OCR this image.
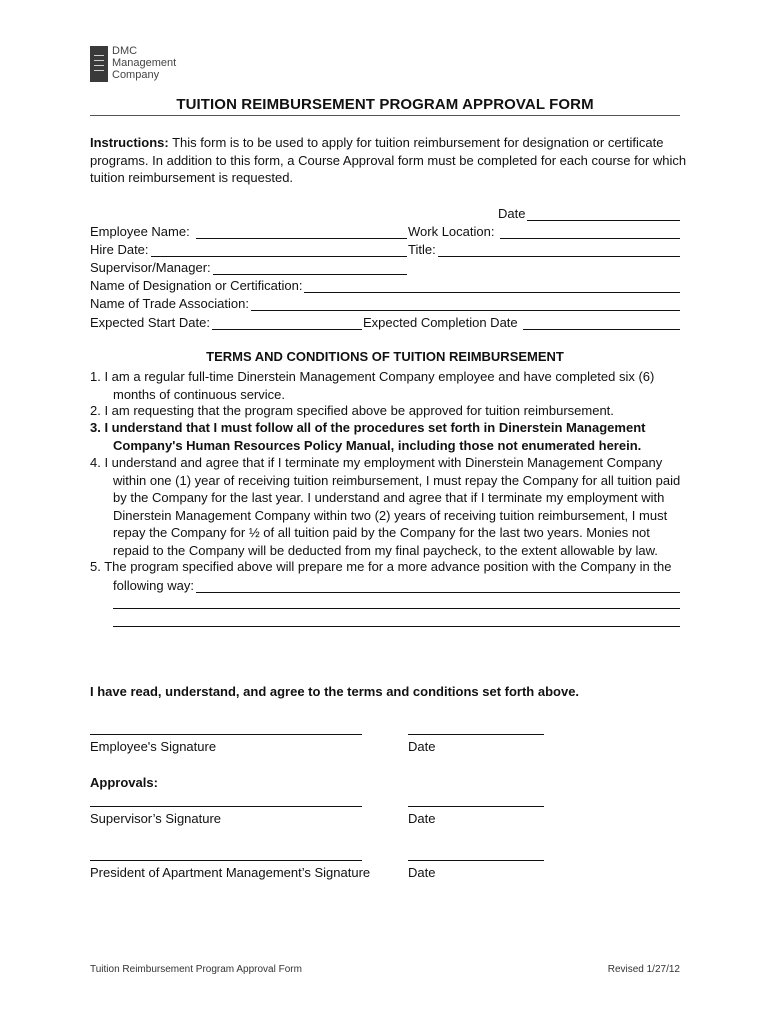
DMC
Management
Company
TUITION REIMBURSEMENT PROGRAM APPROVAL FORM
Instructions: This form is to be used to apply for tuition reimbursement for designation or certificate
programs. In addition to this form, a Course Approval form must be completed for each course for which
tuition reimbursement is requested.
Date
Employee Name:	Work Location:
Hire Date:	Title:
Supervisor/Manager:
Name of Designation or Certification:
Name of Trade Association:
Expected Start Date:	Expected Completion Date
TERMS AND CONDITIONS OF TUITION REIMBURSEMENT
1. I am a regular full-time Dinerstein Management Company employee and have completed six (6)
months of continuous service.
2. I am requesting that the program specified above be approved for tuition reimbursement.
3. I understand that I must follow all of the procedures set forth in Dinerstein Management
Company's Human Resources Policy Manual, including those not enumerated herein.
4. I understand and agree that if I terminate my employment with Dinerstein Management Company
within one (1) year of receiving tuition reimbursement, I must repay the Company for all tuition paid
by the Company for the last year. I understand and agree that if I terminate my employment with
Dinerstein Management Company within two (2) years of receiving tuition reimbursement, I must
repay the Company for ½ of all tuition paid by the Company for the last two years. Monies not
repaid to the Company will be deducted from my final paycheck, to the extent allowable by law.
5. The program specified above will prepare me for a more advance position with the Company in the
following way:
I have read, understand, and agree to the terms and conditions set forth above.
Employee's Signature	Date
Approvals:
Supervisor’s Signature	Date
President of Apartment Management’s Signature	Date
Tuition Reimbursement Program Approval Form	Revised 1/27/12
